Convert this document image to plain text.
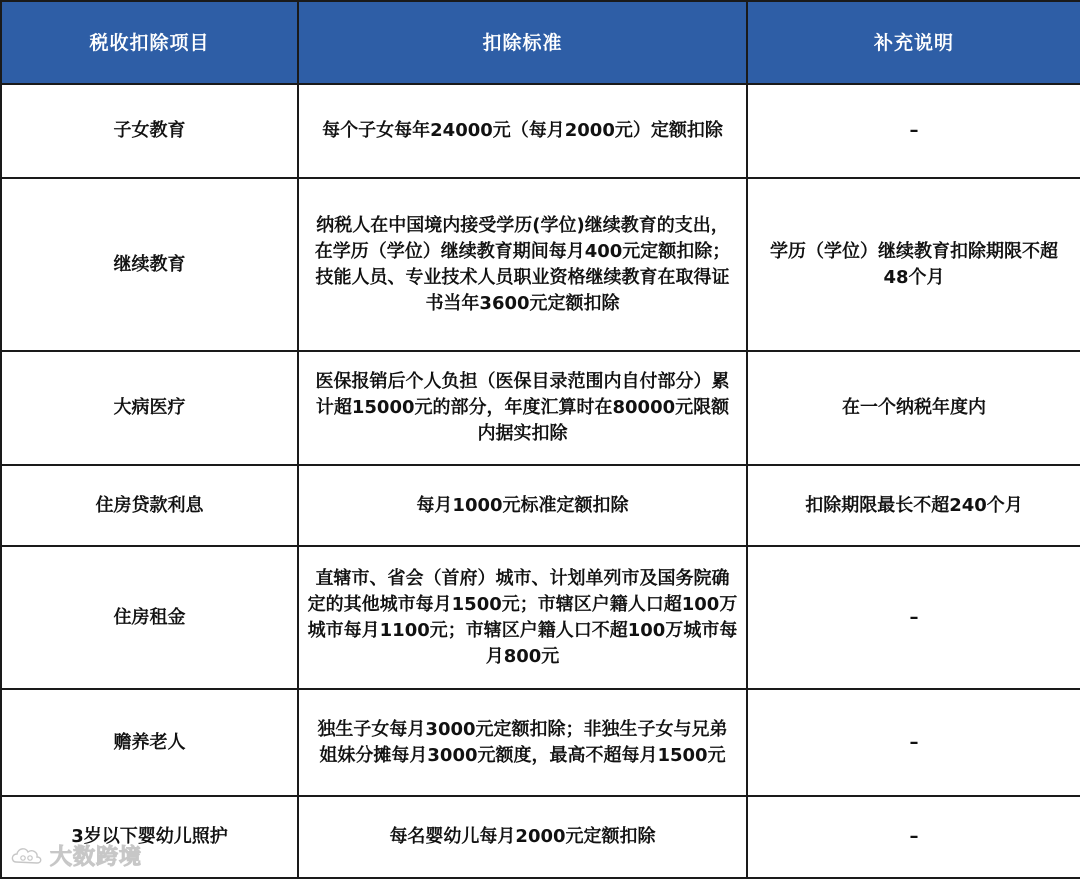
税收扣除项目	扣除标准	补充说明
子女教育	每个子女每年24000元（每月2000元）定额扣除	–
继续教育	纳税人在中国境内接受学历(学位)继续教育的支出，在学历（学位）继续教育期间每月400元定额扣除；技能人员、专业技术人员职业资格继续教育在取得证书当年3600元定额扣除	学历（学位）继续教育扣除期限不超48个月
大病医疗	医保报销后个人负担（医保目录范围内自付部分）累计超15000元的部分，年度汇算时在80000元限额内据实扣除	在一个纳税年度内
住房贷款利息	每月1000元标准定额扣除	扣除期限最长不超240个月
住房租金	直辖市、省会（首府）城市、计划单列市及国务院确定的其他城市每月1500元；市辖区户籍人口超100万城市每月1100元；市辖区户籍人口不超100万城市每月800元	–
赡养老人	独生子女每月3000元定额扣除；非独生子女与兄弟姐妹分摊每月3000元额度，最高不超每月1500元	–
3岁以下婴幼儿照护	每名婴幼儿每月2000元定额扣除	–
大数跨境
